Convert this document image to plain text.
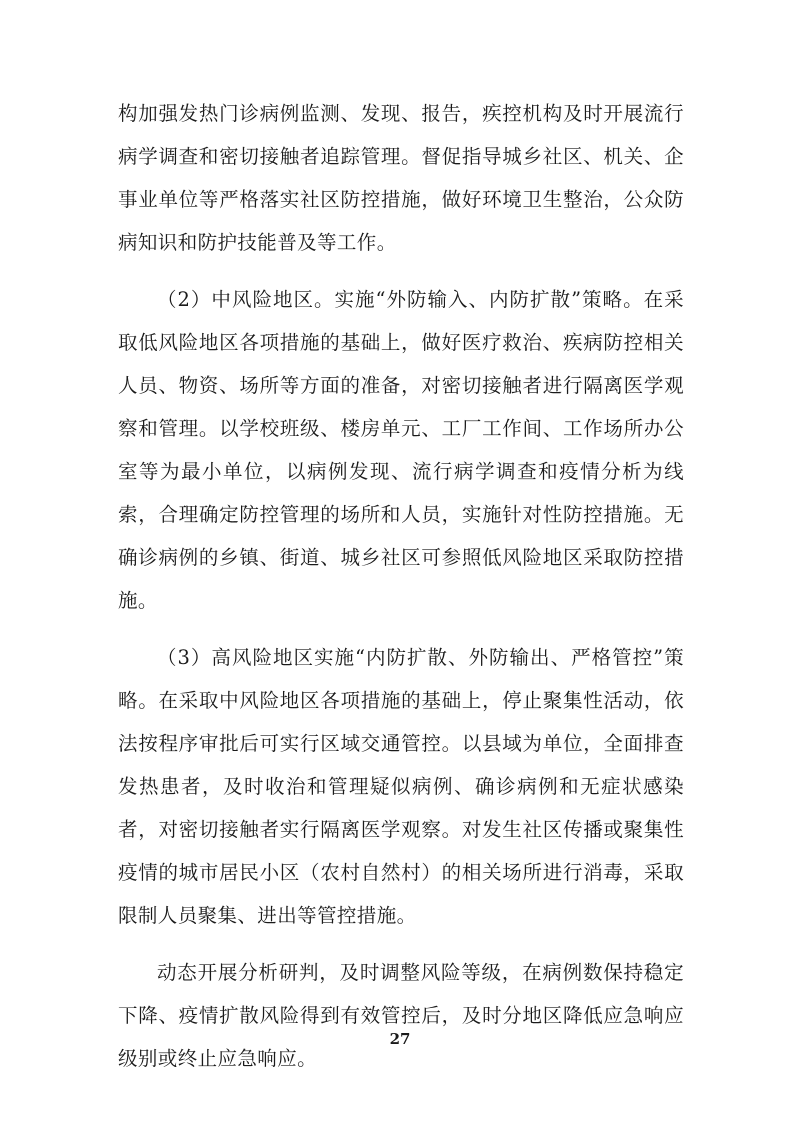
构加强发热门诊病例监测、发现、报告，疾控机构及时开展流行病学调查和密切接触者追踪管理。督促指导城乡社区、机关、企事业单位等严格落实社区防控措施，做好环境卫生整治，公众防病知识和防护技能普及等工作。

（2）中风险地区。实施“外防输入、内防扩散”策略。在采取低风险地区各项措施的基础上，做好医疗救治、疾病防控相关人员、物资、场所等方面的准备，对密切接触者进行隔离医学观察和管理。以学校班级、楼房单元、工厂工作间、工作场所办公室等为最小单位，以病例发现、流行病学调查和疫情分析为线索，合理确定防控管理的场所和人员，实施针对性防控措施。无确诊病例的乡镇、街道、城乡社区可参照低风险地区采取防控措施。

（3）高风险地区实施“内防扩散、外防输出、严格管控”策略。在采取中风险地区各项措施的基础上，停止聚集性活动，依法按程序审批后可实行区域交通管控。以县域为单位，全面排查发热患者，及时收治和管理疑似病例、确诊病例和无症状感染者，对密切接触者实行隔离医学观察。对发生社区传播或聚集性疫情的城市居民小区（农村自然村）的相关场所进行消毒，采取限制人员聚集、进出等管控措施。

动态开展分析研判，及时调整风险等级，在病例数保持稳定下降、疫情扩散风险得到有效管控后，及时分地区降低应急响应级别或终止应急响应。

27
